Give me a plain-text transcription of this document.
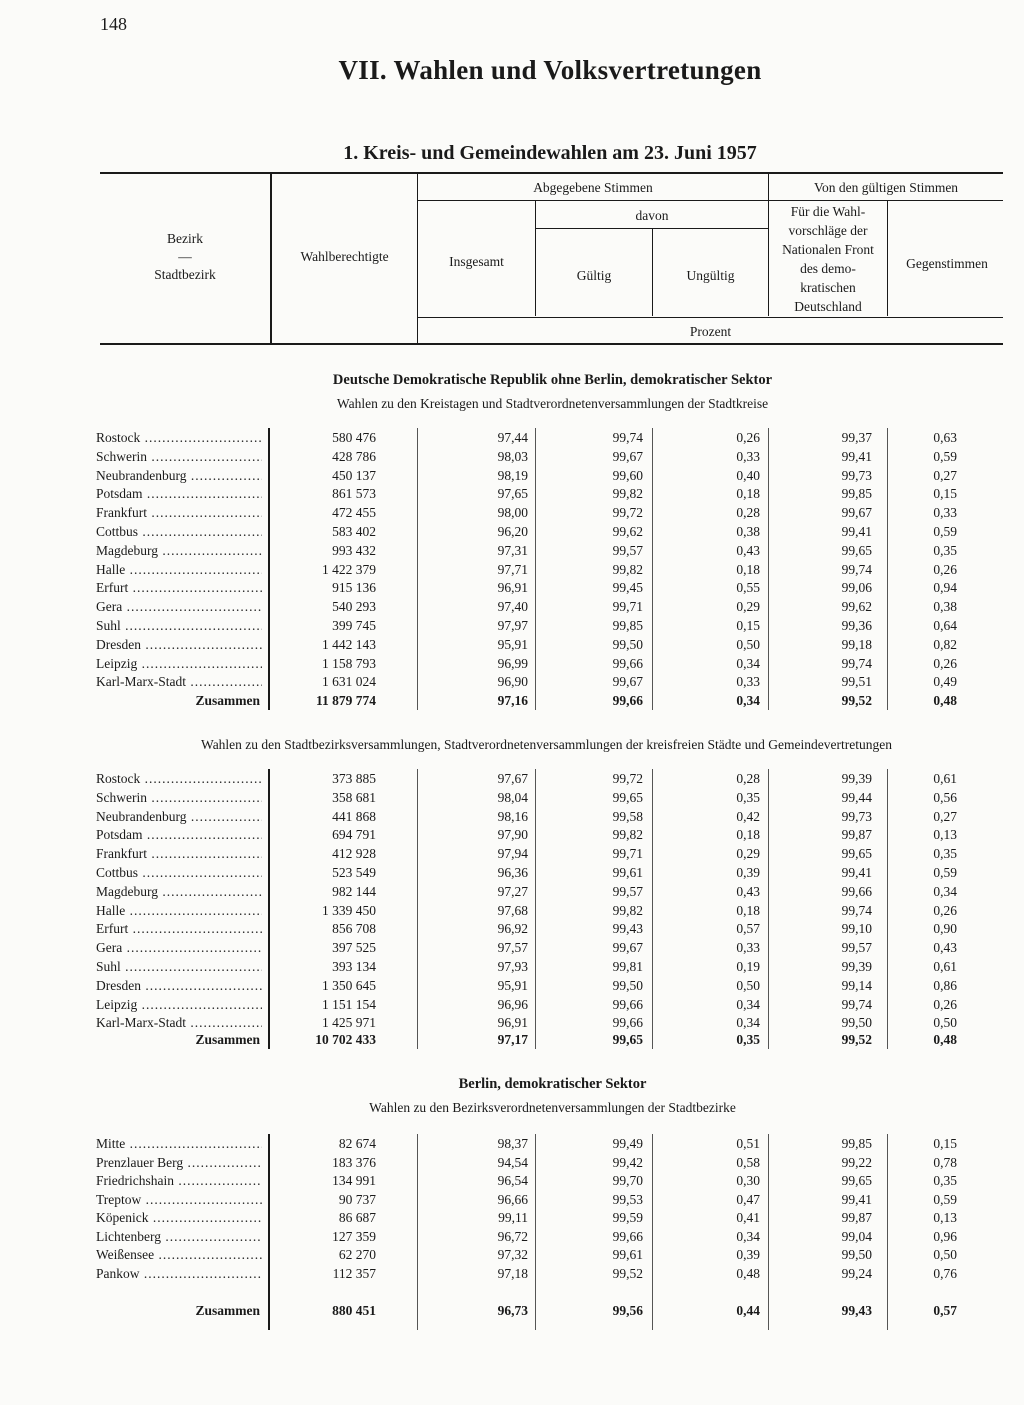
148
VII. Wahlen und Volksvertretungen
1. Kreis- und Gemeindewahlen am 23. Juni 1957
Bezirk
—
Stadtbezirk
Wahlberechtigte
Abgegebene Stimmen
Insgesamt
davon
Gültig	Ungültig
Von den gültigen Stimmen
Für die Wahl-
vorschläge der
Nationalen Front
des demo-
kratischen
Deutschland
Gegenstimmen
Prozent
Deutsche Demokratische Republik ohne Berlin, demokratischer Sektor
Wahlen zu den Kreistagen und Stadtverordnetenversammlungen der Stadtkreise
Wahlen zu den Stadtbezirksversammlungen, Stadtverordnetenversammlungen der kreisfreien Städte und Gemeindevertretungen
Berlin, demokratischer Sektor
Wahlen zu den Bezirksverordnetenversammlungen der Stadtbezirke
Rostock .....	580 476	97,44	99,74	0,26	99,37	0,63
Schwerin .....	428 786	98,03	99,67	0,33	99,41	0,59
Neubrandenburg .....	450 137	98,19	99,60	0,40	99,73	0,27
Potsdam .....	861 573	97,65	99,82	0,18	99,85	0,15
Frankfurt .....	472 455	98,00	99,72	0,28	99,67	0,33
Cottbus .....	583 402	96,20	99,62	0,38	99,41	0,59
Magdeburg .....	993 432	97,31	99,57	0,43	99,65	0,35
Halle .....	1 422 379	97,71	99,82	0,18	99,74	0,26
Erfurt .....	915 136	96,91	99,45	0,55	99,06	0,94
Gera .....	540 293	97,40	99,71	0,29	99,62	0,38
Suhl .....	399 745	97,97	99,85	0,15	99,36	0,64
Dresden .....	1 442 143	95,91	99,50	0,50	99,18	0,82
Leipzig .....	1 158 793	96,99	99,66	0,34	99,74	0,26
Karl-Marx-Stadt .....	1 631 024	96,90	99,67	0,33	99,51	0,49
Zusammen	11 879 774	97,16	99,66	0,34	99,52	0,48
Rostock .....	373 885	97,67	99,72	0,28	99,39	0,61
Schwerin .....	358 681	98,04	99,65	0,35	99,44	0,56
Neubrandenburg .....	441 868	98,16	99,58	0,42	99,73	0,27
Potsdam .....	694 791	97,90	99,82	0,18	99,87	0,13
Frankfurt .....	412 928	97,94	99,71	0,29	99,65	0,35
Cottbus .....	523 549	96,36	99,61	0,39	99,41	0,59
Magdeburg .....	982 144	97,27	99,57	0,43	99,66	0,34
Halle .....	1 339 450	97,68	99,82	0,18	99,74	0,26
Erfurt .....	856 708	96,92	99,43	0,57	99,10	0,90
Gera .....	397 525	97,57	99,67	0,33	99,57	0,43
Suhl .....	393 134	97,93	99,81	0,19	99,39	0,61
Dresden .....	1 350 645	95,91	99,50	0,50	99,14	0,86
Leipzig .....	1 151 154	96,96	99,66	0,34	99,74	0,26
Karl-Marx-Stadt .....	1 425 971	96,91	99,66	0,34	99,50	0,50
Zusammen	10 702 433	97,17	99,65	0,35	99,52	0,48
Mitte .....	82 674	98,37	99,49	0,51	99,85	0,15
Prenzlauer Berg .....	183 376	94,54	99,42	0,58	99,22	0,78
Friedrichshain .....	134 991	96,54	99,70	0,30	99,65	0,35
Treptow .....	90 737	96,66	99,53	0,47	99,41	0,59
Köpenick .....	86 687	99,11	99,59	0,41	99,87	0,13
Lichtenberg .....	127 359	96,72	99,66	0,34	99,04	0,96
Weißensee .....	62 270	97,32	99,61	0,39	99,50	0,50
Pankow .....	112 357	97,18	99,52	0,48	99,24	0,76
Zusammen	880 451	96,73	99,56	0,44	99,43	0,57
